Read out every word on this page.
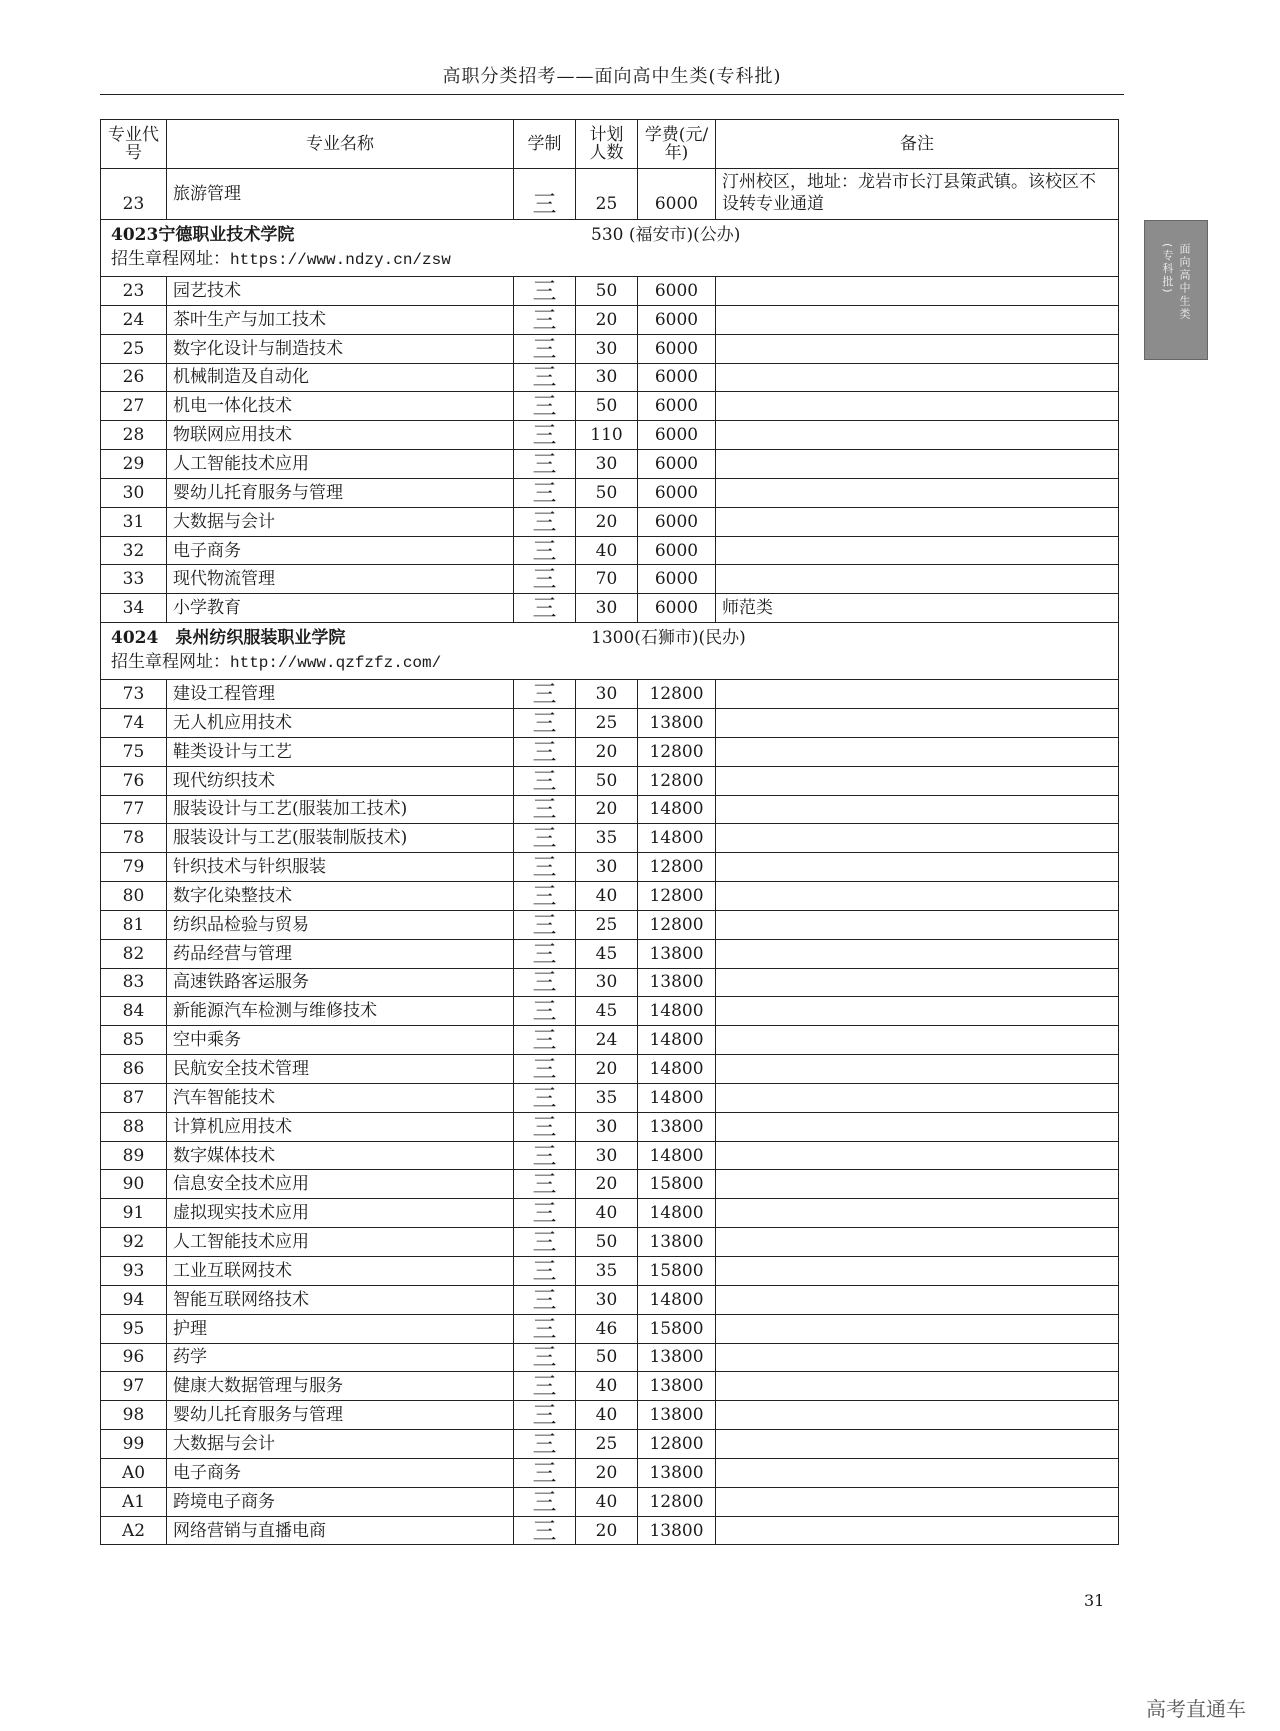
高职分类招考——面向高中生类(专科批)
面向高中生类
(专科批)
专业代号	专业名称	学制	计划人数	学费(元/年)	备注
23	旅游管理	三	25	6000	汀州校区，地址：龙岩市长汀县策武镇。该校区不设转专业通道

4023宁德职业技术学院 530 (福安市)(公办)
招生章程网址：https://www.ndzy.cn/zsw					

23	园艺技术	三	50	6000	
24	茶叶生产与加工技术	三	20	6000	
25	数字化设计与制造技术	三	30	6000	
26	机械制造及自动化	三	30	6000	
27	机电一体化技术	三	50	6000	
28	物联网应用技术	三	110	6000	
29	人工智能技术应用	三	30	6000	
30	婴幼儿托育服务与管理	三	50	6000	
31	大数据与会计	三	20	6000	
32	电子商务	三	40	6000	
33	现代物流管理	三	70	6000	
34	小学教育	三	30	6000	师范类

4024　泉州纺织服装职业学院 1300(石狮市)(民办)
招生章程网址：http://www.qzfzfz.com/					

73	建设工程管理	三	30	12800	
74	无人机应用技术	三	25	13800	
75	鞋类设计与工艺	三	20	12800	
76	现代纺织技术	三	50	12800	
77	服装设计与工艺(服装加工技术)	三	20	14800	
78	服装设计与工艺(服装制版技术)	三	35	14800	
79	针织技术与针织服装	三	30	12800	
80	数字化染整技术	三	40	12800	
81	纺织品检验与贸易	三	25	12800	
82	药品经营与管理	三	45	13800	
83	高速铁路客运服务	三	30	13800	
84	新能源汽车检测与维修技术	三	45	14800	
85	空中乘务	三	24	14800	
86	民航安全技术管理	三	20	14800	
87	汽车智能技术	三	35	14800	
88	计算机应用技术	三	30	13800	
89	数字媒体技术	三	30	14800	
90	信息安全技术应用	三	20	15800	
91	虚拟现实技术应用	三	40	14800	
92	人工智能技术应用	三	50	13800	
93	工业互联网技术	三	35	15800	
94	智能互联网络技术	三	30	14800	
95	护理	三	46	15800	
96	药学	三	50	13800	
97	健康大数据管理与服务	三	40	13800	
98	婴幼儿托育服务与管理	三	40	13800	
99	大数据与会计	三	25	12800	
A0	电子商务	三	20	13800	
A1	跨境电子商务	三	40	12800	
A2	网络营销与直播电商	三	20	13800	
31
高考直通车
